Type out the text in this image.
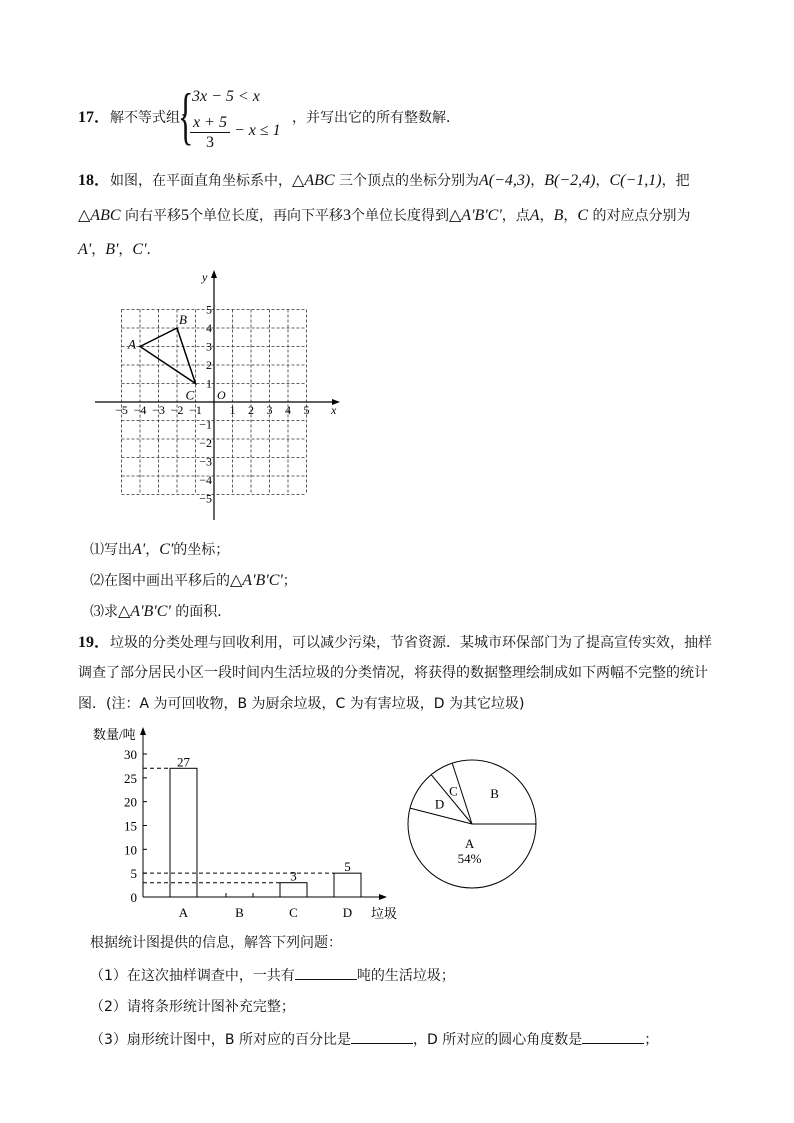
17．解不等式组：
{
3x − 5 < x
x + 5
3
− x ≤ 1
，并写出它的所有整数解．
18．如图，在平面直角坐标系中，△ABC 三个顶点的坐标分别为A(−4,3)，B(−2,4)，C(−1,1)，把
△ABC 向右平移5个单位长度，再向下平移3个单位长度得到△A'B'C'，点A，B，C 的对应点分别为
A'，B'，C'．
x
y
O
−5 −4 −3 −2 −1 1 2 3 4 5
5
4
3
2
1
−1
−2
−3
−4
−5
A
B
C
⑴写出A'，C'的坐标；
⑵在图中画出平移后的△A'B'C'；
⑶求△A'B'C' 的面积．
19．垃圾的分类处理与回收利用，可以减少污染，节省资源．某城市环保部门为了提高宣传实效，抽样
调查了部分居民小区一段时间内生活垃圾的分类情况，将获得的数据整理绘制成如下两幅不完整的统计
图．(注：A 为可回收物，B 为厨余垃圾，C 为有害垃圾，D 为其它垃圾)
数量/吨
垃圾
0
5
10
15
20
25
30
A
27
B	C
3
D
5
B
C
D
A
54%
根据统计图提供的信息，解答下列问题：
（1）在这次抽样调查中，一共有	吨的生活垃圾；
（2）请将条形统计图补充完整；
（3）扇形统计图中，B 所对应的百分比是	，D 所对应的圆心角度数是	；
